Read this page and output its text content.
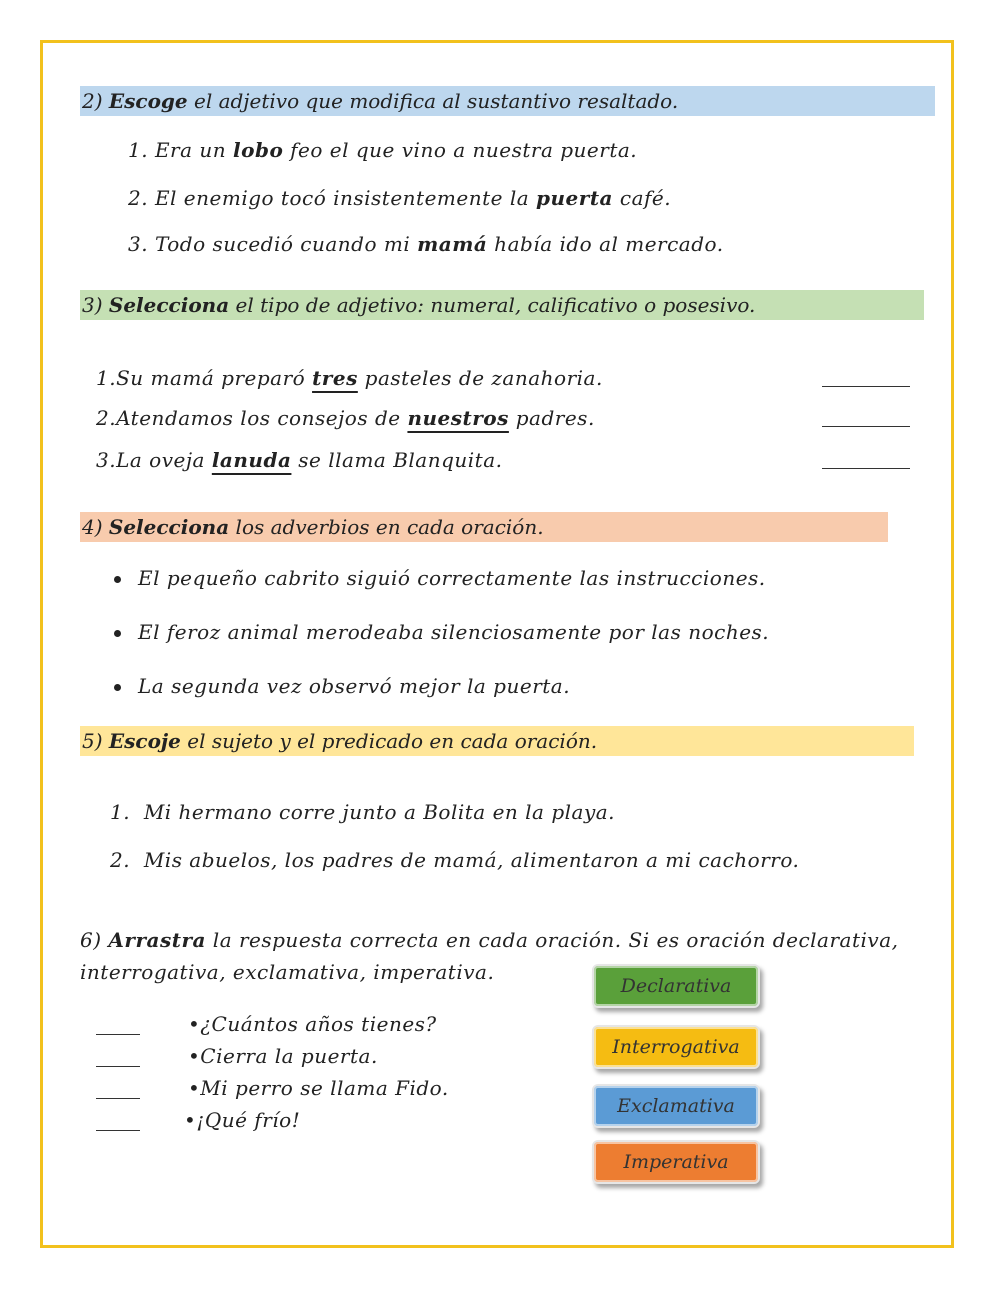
2) Escoge el adjetivo que modifica al sustantivo resaltado.
1. Era un lobo feo el que vino a nuestra puerta.
2. El enemigo tocó insistentemente la puerta café.
3. Todo sucedió cuando mi mamá había ido al mercado.
3) Selecciona el tipo de adjetivo: numeral, calificativo o posesivo.
1.Su mamá preparó tres pasteles de zanahoria.
2.Atendamos los consejos de nuestros padres.
3.La oveja lanuda se llama Blanquita.
4) Selecciona los adverbios en cada oración.
El pequeño cabrito siguió correctamente las instrucciones.
El feroz animal merodeaba silenciosamente por las noches.
La segunda vez observó mejor la puerta.
5) Escoje el sujeto y el predicado en cada oración.
1. Mi hermano corre junto a Bolita en la playa.
2. Mis abuelos, los padres de mamá, alimentaron a mi cachorro.
6) Arrastra la respuesta correcta en cada oración. Si es oración declarativa,
interrogativa, exclamativa, imperativa.
•¿Cuántos años tienes?
•Cierra la puerta.
•Mi perro se llama Fido.
•¡Qué frío!
Declarativa
Interrogativa
Exclamativa
Imperativa
